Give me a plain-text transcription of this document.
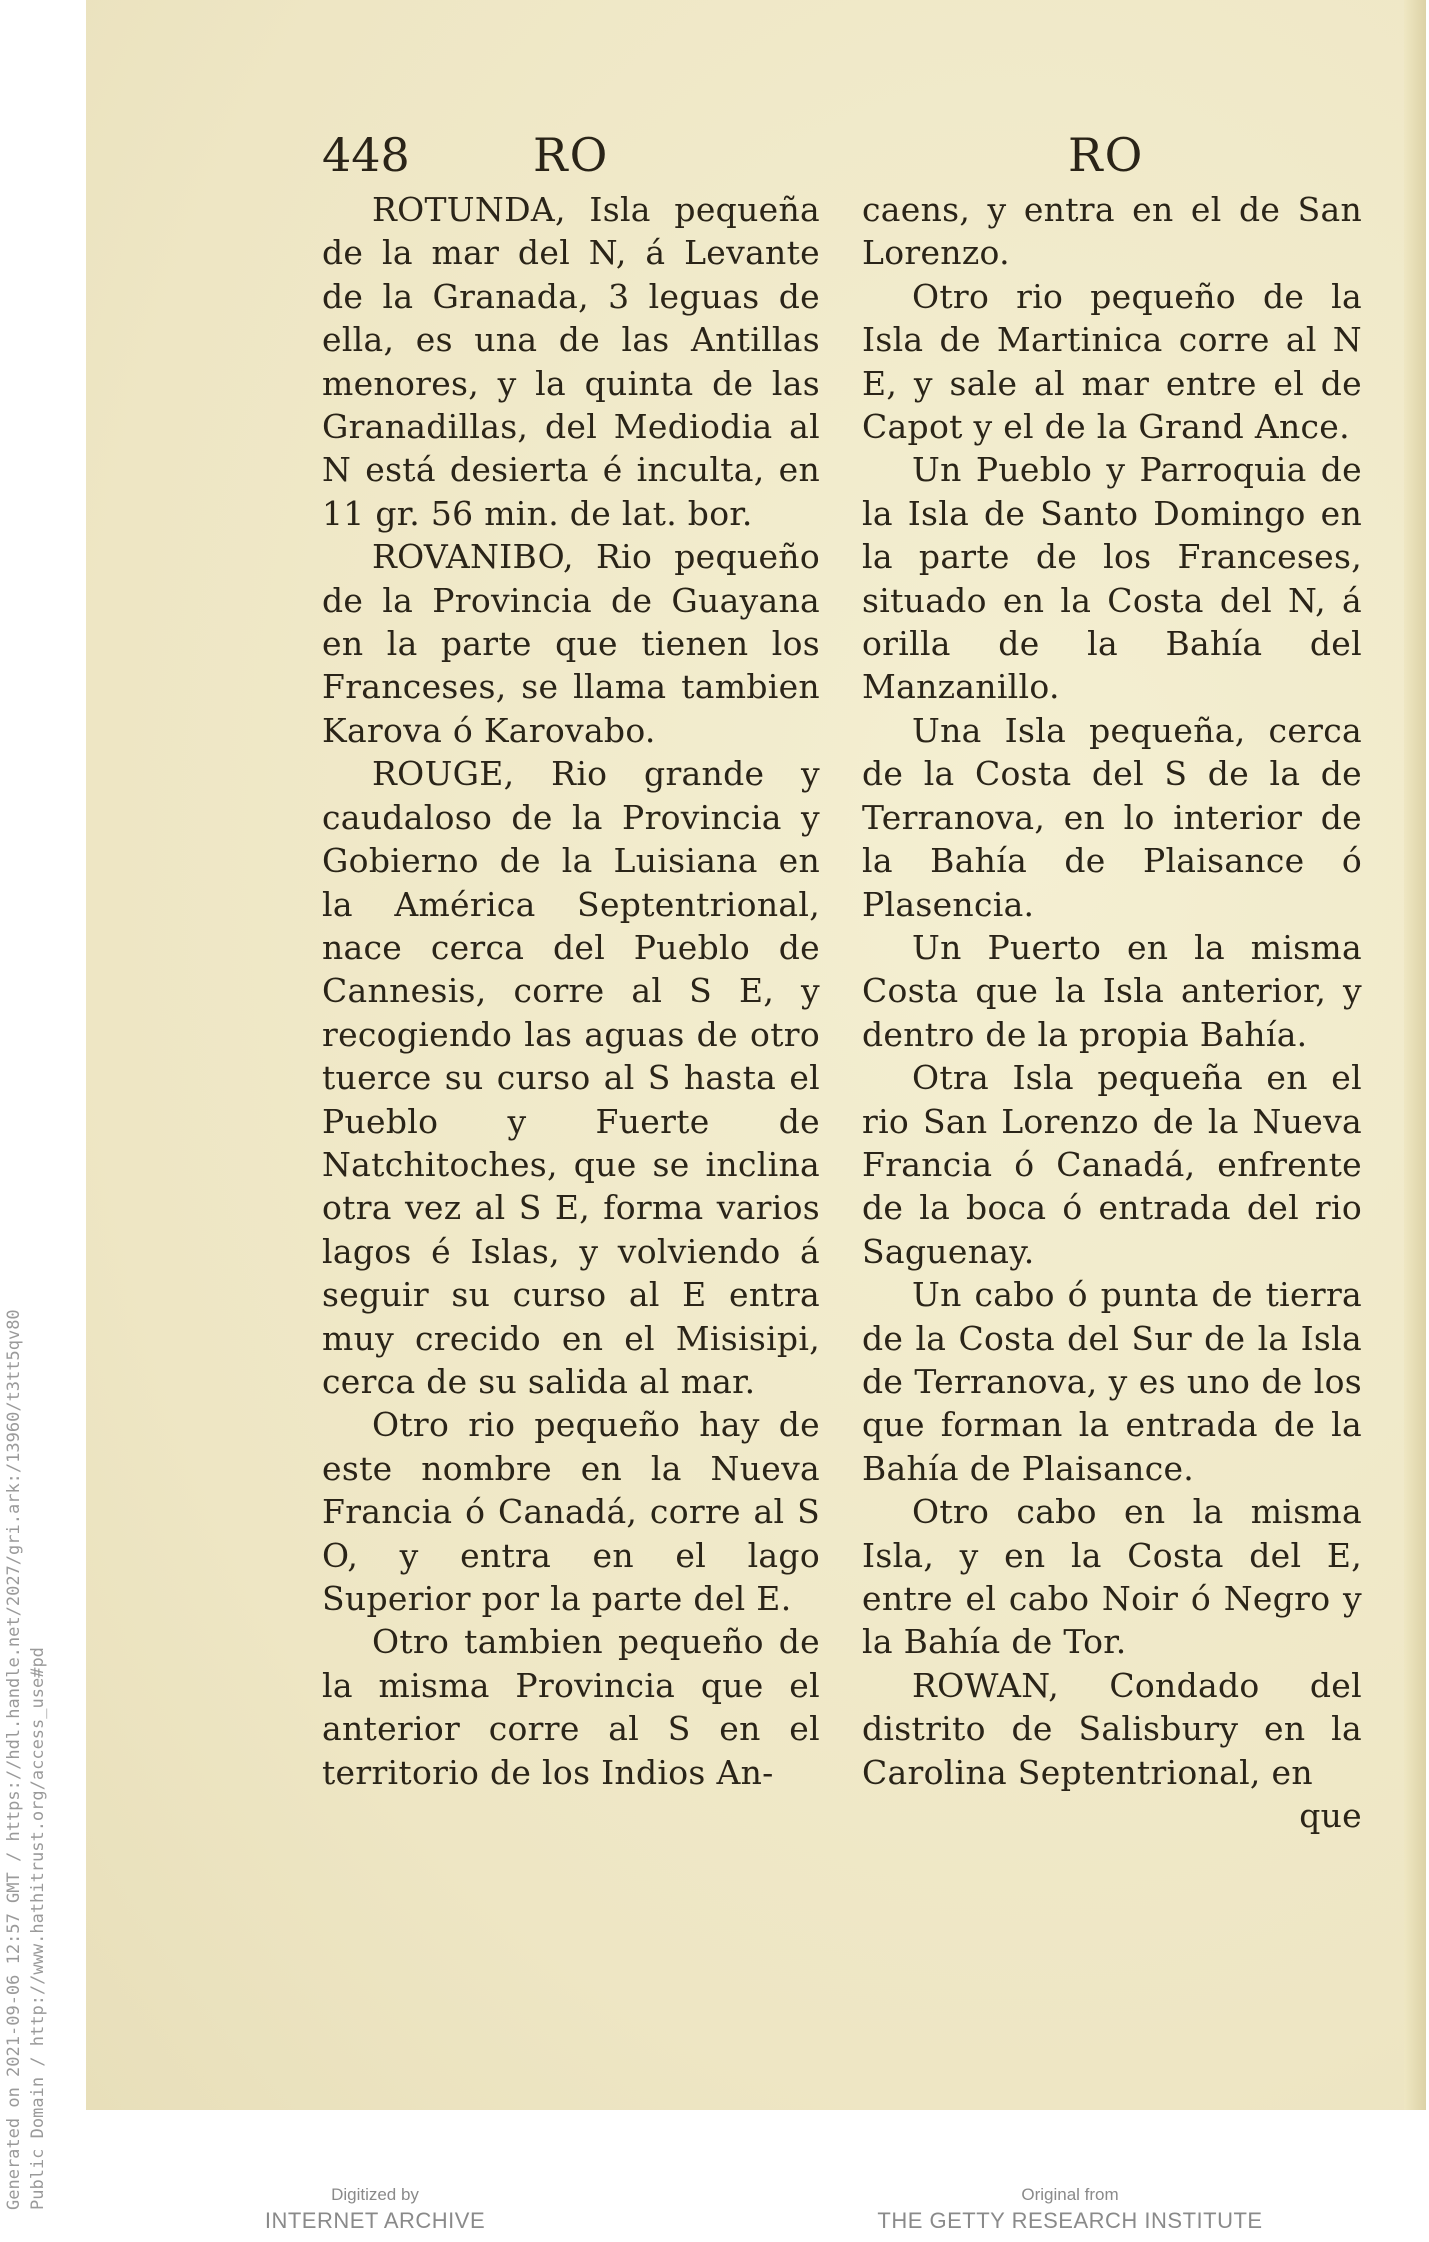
Generated on 2021-09-06 12:57 GMT / https://hdl.handle.net/2027/gri.ark:/13960/t3tt5qv80 Public Domain / http://www.hathitrust.org/access_use#pd
448	RO	RO

ROTUNDA, Isla pequeña de la mar del N, á Levante de la Granada, 3 leguas de ella, es una de las Antillas menores, y la quinta de las Granadillas, del Mediodia al N está desierta é inculta, en 11 gr. 56 min. de lat. bor.

ROVANIBO, Rio pequeño de la Provincia de Guayana en la parte que tienen los Franceses, se llama tambien Karova ó Karovabo.

ROUGE, Rio grande y caudaloso de la Provincia y Gobierno de la Luisiana en la América Septentrional, nace cerca del Pueblo de Cannesis, corre al S E, y recogiendo las aguas de otro tuerce su curso al S hasta el Pueblo y Fuerte de Natchitoches, que se inclina otra vez al S E, forma varios lagos é Islas, y volviendo á seguir su curso al E entra muy crecido en el Misisipi, cerca de su salida al mar.

Otro rio pequeño hay de este nombre en la Nueva Francia ó Canadá, corre al S O, y entra en el lago Superior por la parte del E.

Otro tambien pequeño de la misma Provincia que el anterior corre al S en el territorio de los Indios An-

caens, y entra en el de San Lorenzo.

Otro rio pequeño de la Isla de Martinica corre al N E, y sale al mar entre el de Capot y el de la Grand Ance.

Un Pueblo y Parroquia de la Isla de Santo Domingo en la parte de los Franceses, situado en la Costa del N, á orilla de la Bahía del Manzanillo.

Una Isla pequeña, cerca de la Costa del S de la de Terranova, en lo interior de la Bahía de Plaisance ó Plasencia.

Un Puerto en la misma Costa que la Isla anterior, y dentro de la propia Bahía.

Otra Isla pequeña en el rio San Lorenzo de la Nueva Francia ó Canadá, enfrente de la boca ó entrada del rio Saguenay.

Un cabo ó punta de tierra de la Costa del Sur de la Isla de Terranova, y es uno de los que forman la entrada de la Bahía de Plaisance.

Otro cabo en la misma Isla, y en la Costa del E, entre el cabo Noir ó Negro y la Bahía de Tor.

ROWAN, Condado del distrito de Salisbury en la Carolina Septentrional, en

que

Digitized by
INTERNET ARCHIVE
Original from
THE GETTY RESEARCH INSTITUTE
